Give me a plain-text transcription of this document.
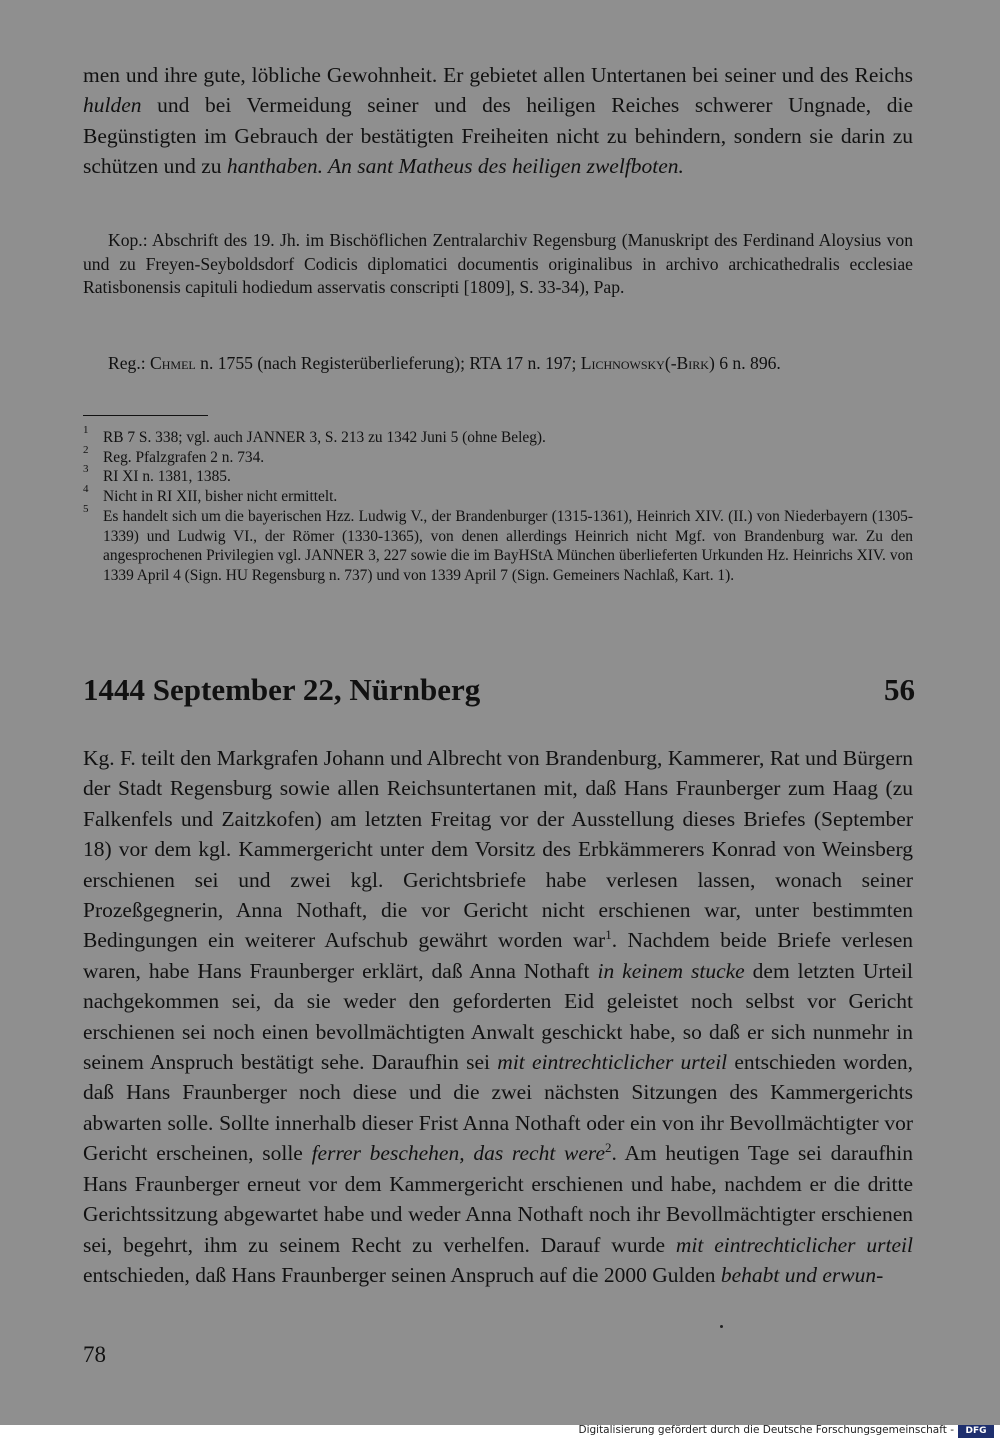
men und ihre gute, löbliche Gewohnheit. Er gebietet allen Untertanen bei seiner und des Reichs hulden und bei Vermeidung seiner und des heiligen Reiches schwerer Ungnade, die Begünstigten im Gebrauch der bestätigten Freiheiten nicht zu behindern, sondern sie darin zu schützen und zu hanthaben. An sant Matheus des heiligen zwelfboten.

Kop.: Abschrift des 19. Jh. im Bischöflichen Zentralarchiv Regensburg (Manuskript des Ferdinand Aloysius von und zu Freyen-Seyboldsdorf Codicis diplomatici documentis originalibus in archivo archicathedralis ecclesiae Ratisbonensis capituli hodiedum asservatis conscripti [1809], S. 33-34), Pap.

Reg.: Chmel n. 1755 (nach Registerüberlieferung); RTA 17 n. 197; Lichnowsky(-Birk) 6 n. 896.

1 RB 7 S. 338; vgl. auch JANNER 3, S. 213 zu 1342 Juni 5 (ohne Beleg).

2 Reg. Pfalzgrafen 2 n. 734.

3 RI XI n. 1381, 1385.

4 Nicht in RI XII, bisher nicht ermittelt.

5 Es handelt sich um die bayerischen Hzz. Ludwig V., der Brandenburger (1315-1361), Heinrich XIV. (II.) von Niederbayern (1305-1339) und Ludwig VI., der Römer (1330-1365), von denen allerdings Heinrich nicht Mgf. von Brandenburg war. Zu den angesprochenen Privilegien vgl. JANNER 3, 227 sowie die im BayHStA München überlieferten Urkunden Hz. Heinrichs XIV. von 1339 April 4 (Sign. HU Regensburg n. 737) und von 1339 April 7 (Sign. Gemeiners Nachlaß, Kart. 1).

1444 September 22, Nürnberg	56

Kg. F. teilt den Markgrafen Johann und Albrecht von Brandenburg, Kammerer, Rat und Bürgern der Stadt Regensburg sowie allen Reichsuntertanen mit, daß Hans Fraunberger zum Haag (zu Falkenfels und Zaitzkofen) am letzten Freitag vor der Ausstellung dieses Briefes (September 18) vor dem kgl. Kammergericht unter dem Vorsitz des Erbkämmerers Konrad von Weinsberg erschienen sei und zwei kgl. Gerichtsbriefe habe verlesen lassen, wonach seiner Prozeßgegnerin, Anna Nothaft, die vor Gericht nicht erschienen war, unter bestimmten Bedingungen ein weiterer Aufschub gewährt worden war$^1$. Nachdem beide Briefe verlesen waren, habe Hans Fraunberger erklärt, daß Anna Nothaft in keinem stucke dem letzten Urteil nachgekommen sei, da sie weder den geforderten Eid geleistet noch selbst vor Gericht erschienen sei noch einen bevollmächtigten Anwalt geschickt habe, so daß er sich nunmehr in seinem Anspruch bestätigt sehe. Daraufhin sei mit eintrechticlicher urteil entschieden worden, daß Hans Fraunberger noch diese und die zwei nächsten Sitzungen des Kammergerichts abwarten solle. Sollte innerhalb dieser Frist Anna Nothaft oder ein von ihr Bevollmächtigter vor Gericht erscheinen, solle ferrer beschehen, das recht were$^2$. Am heutigen Tage sei daraufhin Hans Fraunberger erneut vor dem Kammergericht erschienen und habe, nachdem er die dritte Gerichtssitzung abgewartet habe und weder Anna Nothaft noch ihr Bevollmächtigter erschienen sei, begehrt, ihm zu seinem Recht zu verhelfen. Darauf wurde mit eintrechticlicher urteil entschieden, daß Hans Fraunberger seinen Anspruch auf die 2000 Gulden behabt und erwun-

78
Digitalisierung gefördert durch die Deutsche Forschungsgemeinschaft -	DFG
